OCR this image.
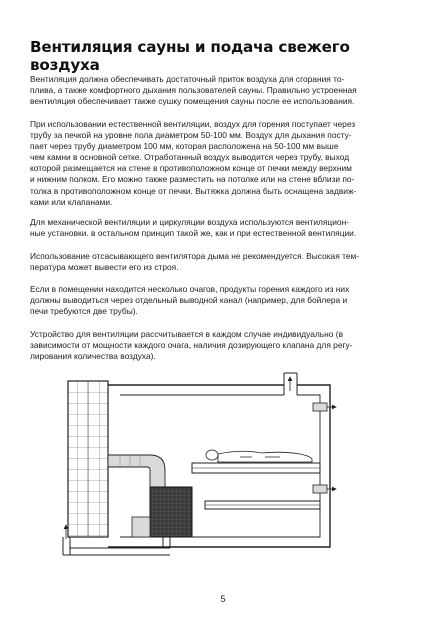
Вентиляция сауны и подача свежего воздуха
Вентиляция должна обеспечивать достаточный приток воздуха для сгорания то-
плива, а также комфортного дыхания пользователей сауны. Правильно устроенная
вентиляция обеспечивает также сушку помещения сауны после ее использования.
При использовании естественной вентиляции, воздух для горения поступает через
трубу за печкой на уровне пола диаметром 50-100 мм. Воздух для дыхания посту-
пает через трубу диаметром 100 мм, которая расположена на 50-100 мм выше
чем камни в основной сетке. Отработанный воздух выводится через трубу, выход
которой размещается на стене в противоположном конце от печки между верхним
и нижним полком. Его можно также разместить на потолке или на стене вблизи по-
толка в противоположном конце от печки. Вытяжка должна быть оснащена задвиж-
ками или клапанами.
Для механической вентиляции и циркуляции воздуха используются вентиляцион-
ные установки. в остальном принцип такой же, как и при естественной вентиляции.
Использование отсасывающего вентилятора дыма не рекомендуется. Высокая тем-
пература может вывести его из строя.
Если в помещении находится несколько очагов, продукты горения каждого из них
должны выводиться через отдельный выводной канал (например, для бойлера и
печи требуются две трубы).
Устройство для вентиляции рассчитывается в каждом случае индивидуально (в
зависимости от мощности каждого очага, наличия дозирующего клапана для регу-
лирования количества воздуха).
5
